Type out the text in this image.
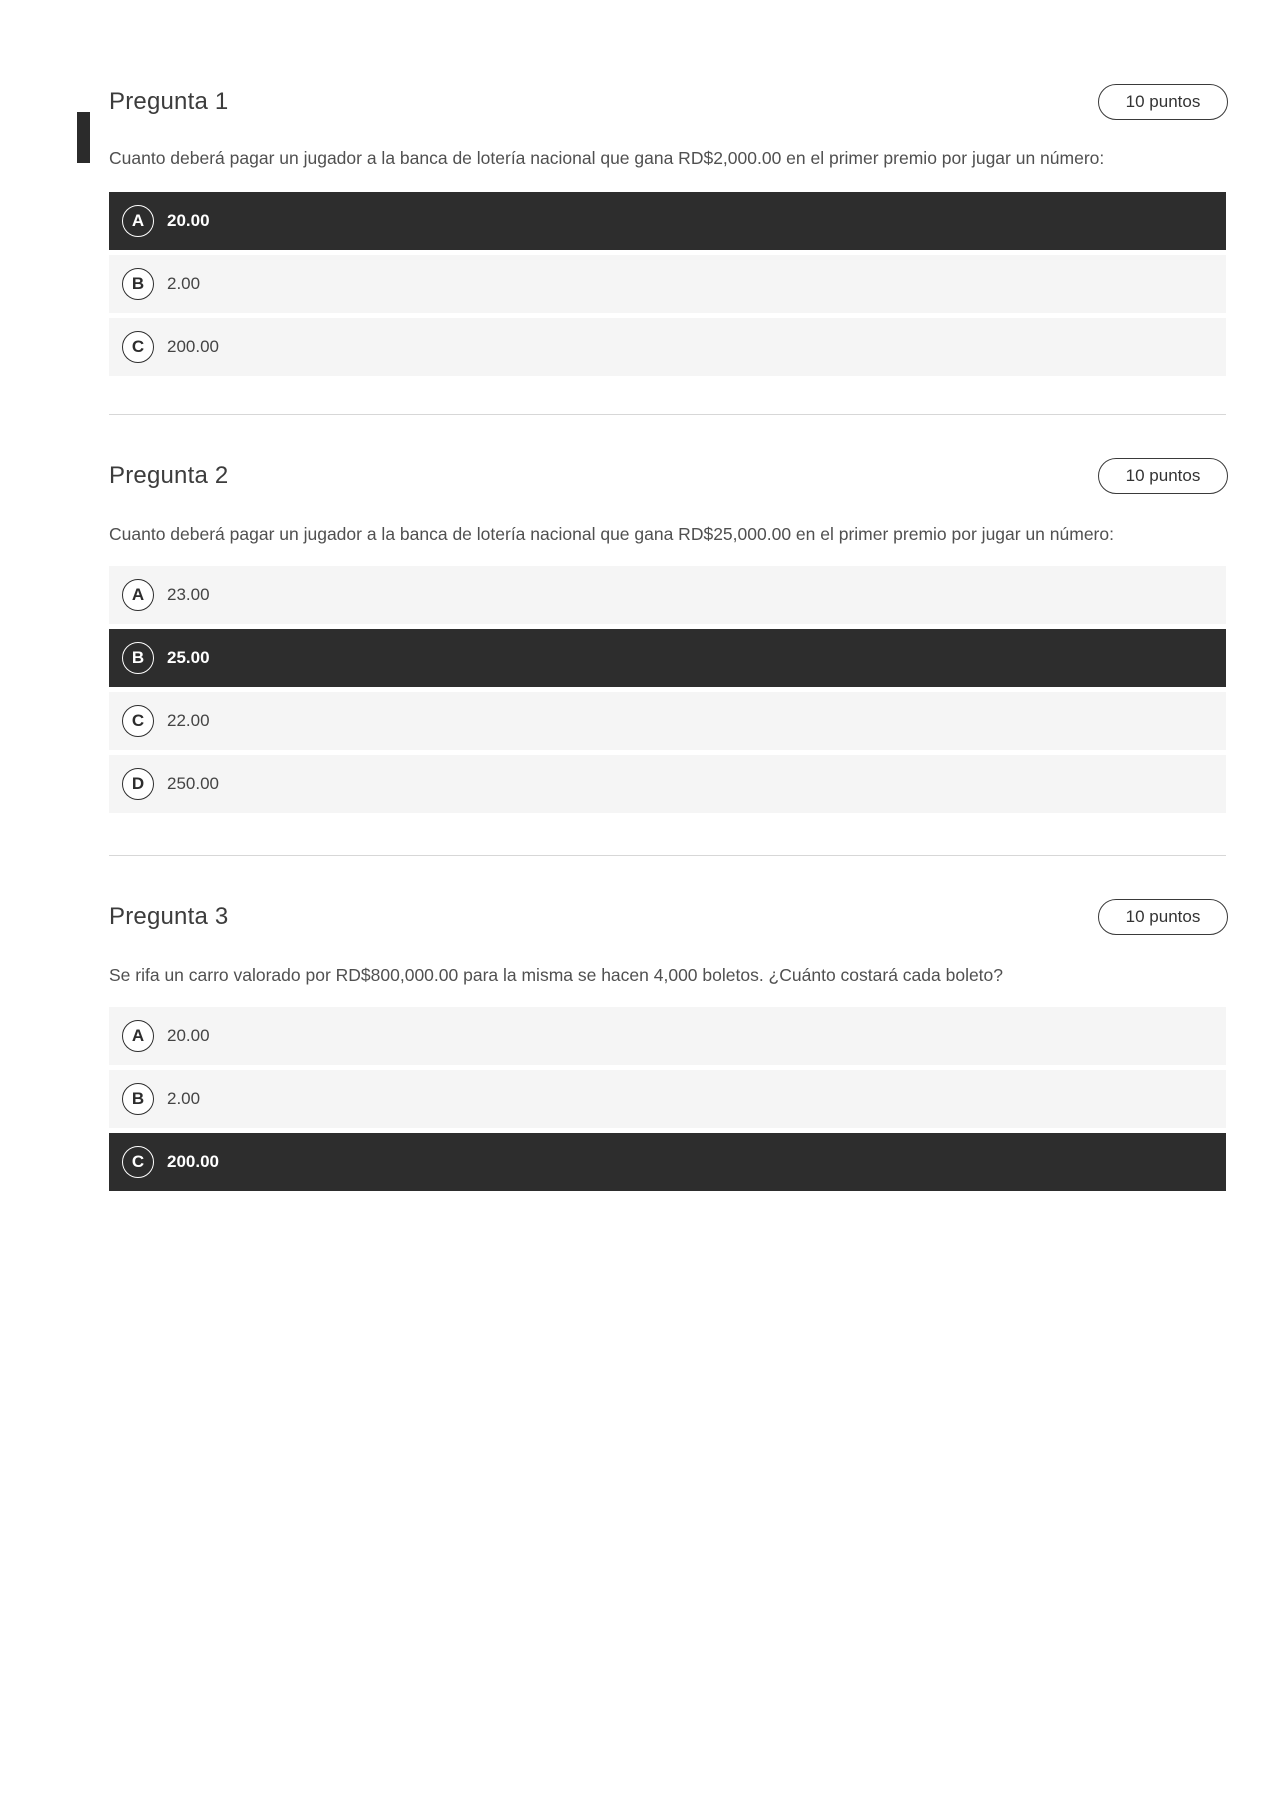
Pregunta 1	10 puntos
Cuanto deberá pagar un jugador a la banca de lotería nacional que gana RD$2,000.00 en el primer premio por jugar un número:
A	20.00
B	2.00
C	200.00
Pregunta 2	10 puntos
Cuanto deberá pagar un jugador a la banca de lotería nacional que gana RD$25,000.00 en el primer premio por jugar un número:
A	23.00
B	25.00
C	22.00
D	250.00
Pregunta 3	10 puntos
Se rifa un carro valorado por RD$800,000.00 para la misma se hacen 4,000 boletos. ¿Cuánto costará cada boleto?
A	20.00
B	2.00
C	200.00
